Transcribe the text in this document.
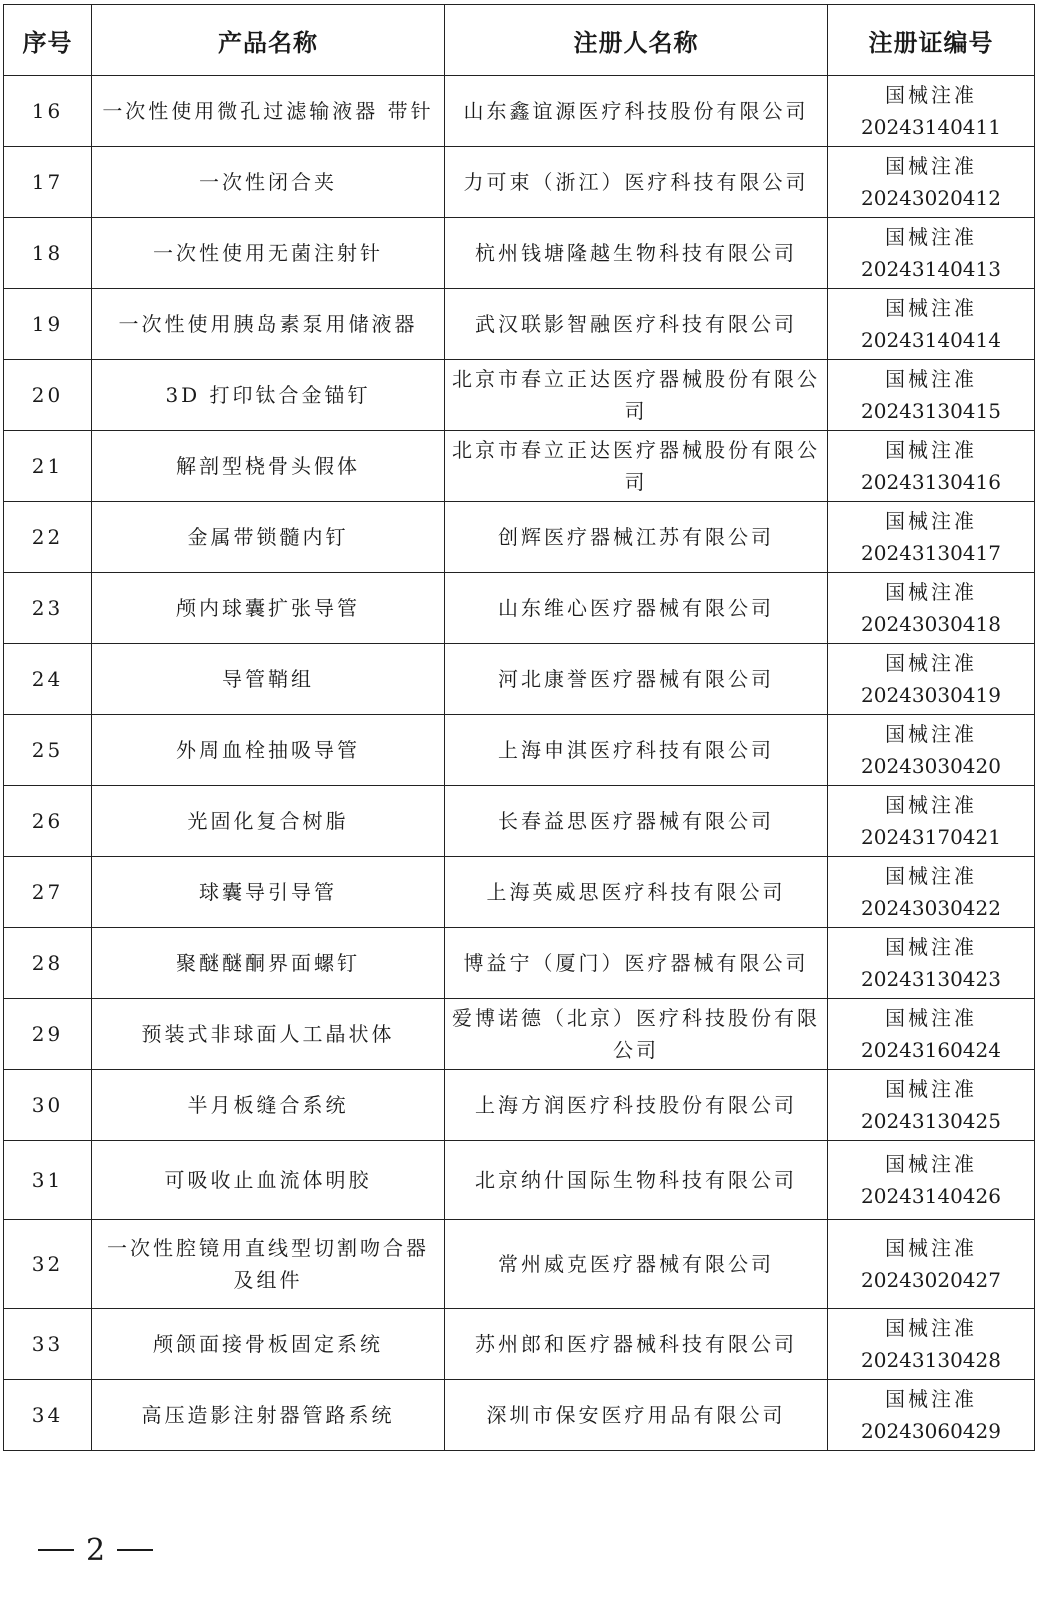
序号	产品名称	注册人名称	注册证编号
16	一次性使用微孔过滤输液器 带针	山东鑫谊源医疗科技股份有限公司	国械注准
20243140411

17	一次性闭合夹	力可束（浙江）医疗科技有限公司	国械注准
20243020412

18	一次性使用无菌注射针	杭州钱塘隆越生物科技有限公司	国械注准
20243140413

19	一次性使用胰岛素泵用储液器	武汉联影智融医疗科技有限公司	国械注准
20243140414

20	3D 打印钛合金锚钉	北京市春立正达医疗器械股份有限公司	国械注准
20243130415

21	解剖型桡骨头假体	北京市春立正达医疗器械股份有限公司	国械注准
20243130416

22	金属带锁髓内钉	创辉医疗器械江苏有限公司	国械注准
20243130417

23	颅内球囊扩张导管	山东维心医疗器械有限公司	国械注准
20243030418

24	导管鞘组	河北康誉医疗器械有限公司	国械注准
20243030419

25	外周血栓抽吸导管	上海申淇医疗科技有限公司	国械注准
20243030420

26	光固化复合树脂	长春益思医疗器械有限公司	国械注准
20243170421

27	球囊导引导管	上海英威思医疗科技有限公司	国械注准
20243030422

28	聚醚醚酮界面螺钉	博益宁（厦门）医疗器械有限公司	国械注准
20243130423

29	预装式非球面人工晶状体	爱博诺德（北京）医疗科技股份有限公司	国械注准
20243160424

30	半月板缝合系统	上海方润医疗科技股份有限公司	国械注准
20243130425

31	可吸收止血流体明胶	北京纳什国际生物科技有限公司	国械注准
20243140426

32	一次性腔镜用直线型切割吻合器及组件	常州威克医疗器械有限公司	国械注准
20243020427

33	颅颌面接骨板固定系统	苏州郎和医疗器械科技有限公司	国械注准
20243130428

34	高压造影注射器管路系统	深圳市保安医疗用品有限公司	国械注准
20243060429
2
